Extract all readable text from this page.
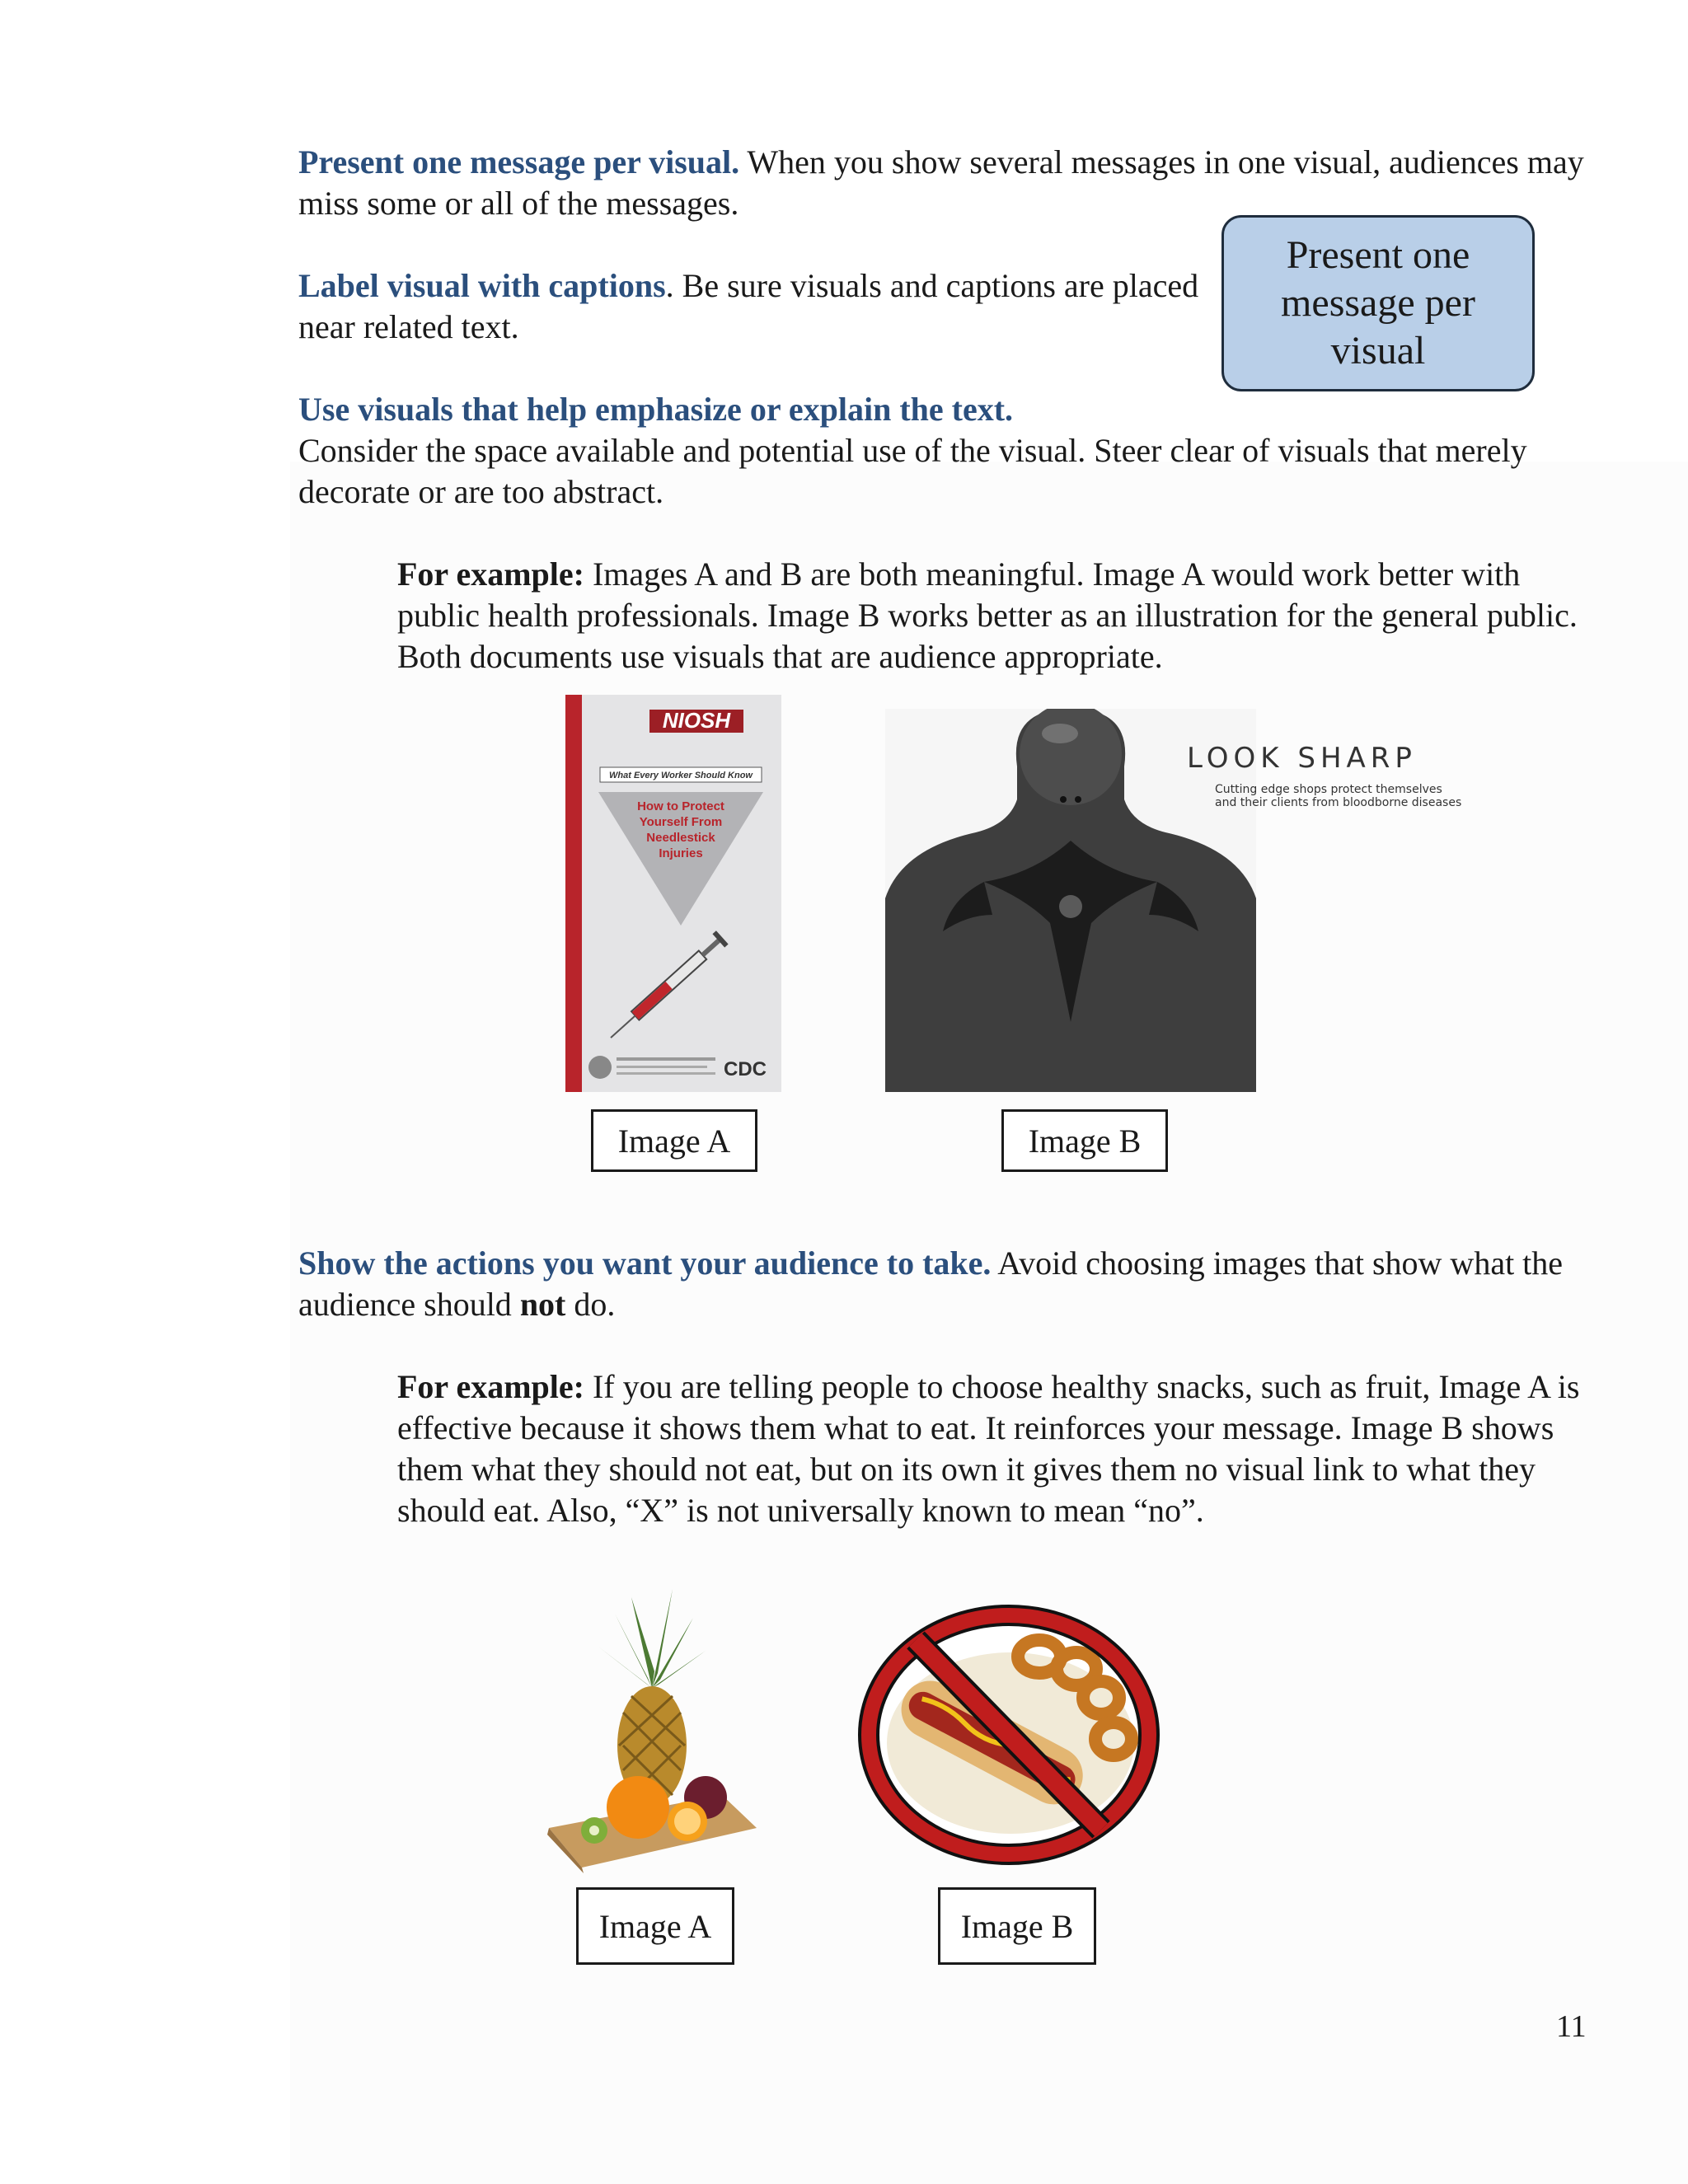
Present one message per visual. When you show several messages in one visual, audiences may miss some or all of the messages.

Present one message per visual

Label visual with captions. Be sure visuals and captions are placed near related text.

Use visuals that help emphasize or explain the text.
Consider the space available and potential use of the visual. Steer clear of visuals that merely decorate or are too abstract.

For example: Images A and B are both meaningful. Image A would work better with public health professionals. Image B works better as an illustration for the general public. Both documents use visuals that are audience appropriate.

NIOSH
What Every Worker Should Know
How to Protect
Yourself From
Needlestick
Injuries
CDC
LOOK SHARP
Cutting edge shops protect themselves
and their clients from bloodborne diseases
Image A	Image B

Show the actions you want your audience to take. Avoid choosing images that show what the audience should not do.

For example: If you are telling people to choose healthy snacks, such as fruit, Image A is effective because it shows them what to eat. It reinforces your message. Image B shows them what they should not eat, but on its own it gives them no visual link to what they should eat. Also, “X” is not universally known to mean “no”.

Image A	Image B
11
